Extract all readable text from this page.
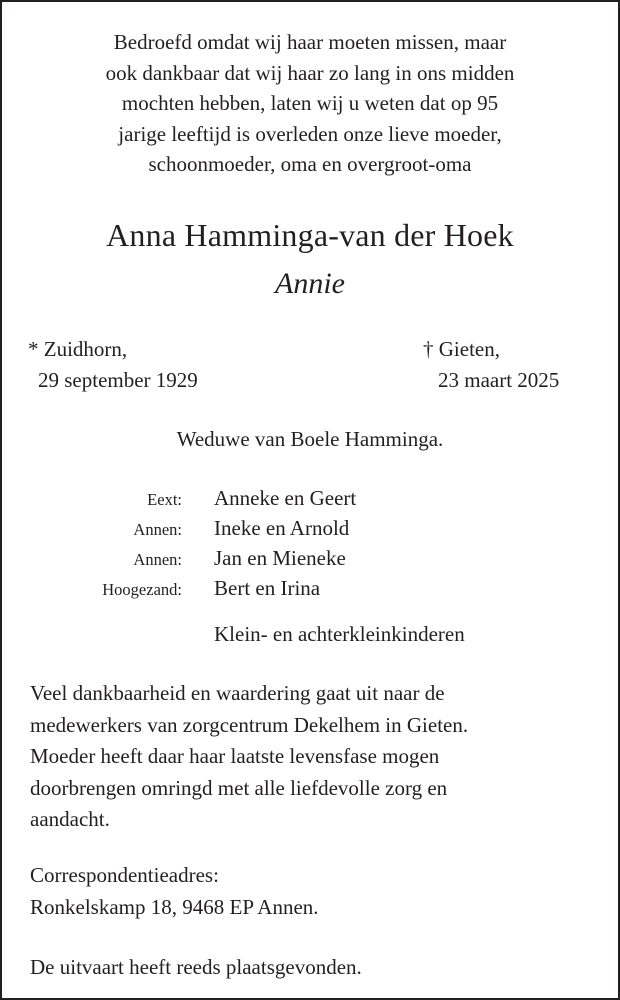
Bedroefd omdat wij haar moeten missen, maar
ook dankbaar dat wij haar zo lang in ons midden
mochten hebben, laten wij u weten dat op 95
jarige leeftijd is overleden onze lieve moeder,
schoonmoeder, oma en overgroot-oma
Anna Hamminga-van der Hoek
Annie
* Zuidhorn,
29 september 1929
† Gieten,
23 maart 2025
Weduwe van Boele Hamminga.
Eext: Anneke en Geert
Annen: Ineke en Arnold
Annen: Jan en Mieneke
Hoogezand: Bert en Irina
Klein- en achterkleinkinderen
Veel dankbaarheid en waardering gaat uit naar de
medewerkers van zorgcentrum Dekelhem in Gieten.
Moeder heeft daar haar laatste levensfase mogen
doorbrengen omringd met alle liefdevolle zorg en
aandacht.
Correspondentieadres:
Ronkelskamp 18, 9468 EP Annen.
De uitvaart heeft reeds plaatsgevonden.
